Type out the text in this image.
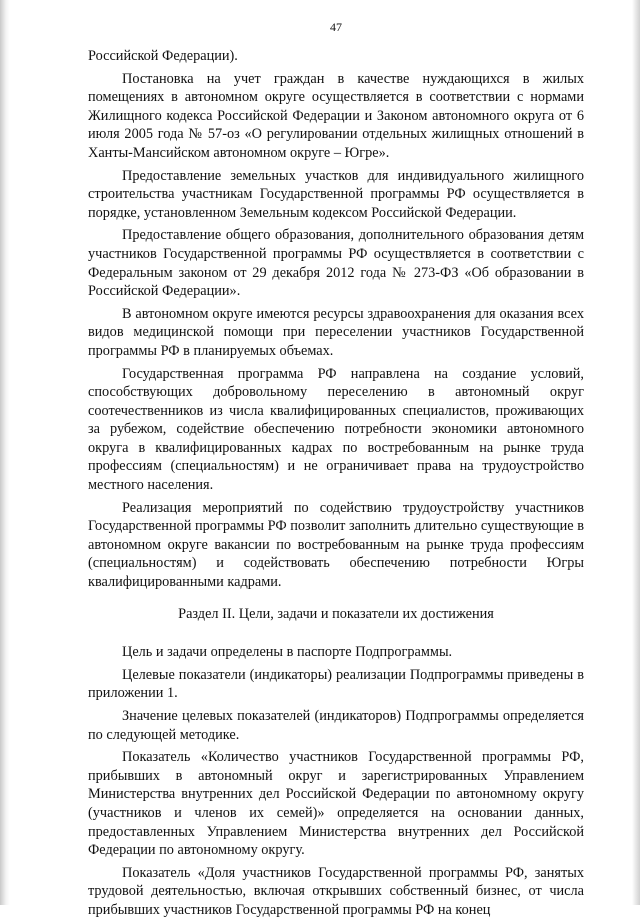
47

Российской Федерации).

Постановка на учет граждан в качестве нуждающихся в жилых помещениях в автономном округе осуществляется в соответствии с нормами Жилищного кодекса Российской Федерации и Законом автономного округа от 6 июля 2005 года № 57-оз «О регулировании отдельных жилищных отношений в Ханты-Мансийском автономном округе – Югре».

Предоставление земельных участков для индивидуального жилищного строительства участникам Государственной программы РФ осуществляется в порядке, установленном Земельным кодексом Российской Федерации.

Предоставление общего образования, дополнительного образования детям участников Государственной программы РФ осуществляется в соответствии с Федеральным законом от 29 декабря 2012 года № 273-ФЗ «Об образовании в Российской Федерации».

В автономном округе имеются ресурсы здравоохранения для оказания всех видов медицинской помощи при переселении участников Государственной программы РФ в планируемых объемах.

Государственная программа РФ направлена на создание условий, способствующих добровольному переселению в автономный округ соотечественников из числа квалифицированных специалистов, проживающих за рубежом, содействие обеспечению потребности экономики автономного округа в квалифицированных кадрах по востребованным на рынке труда профессиям (специальностям) и не ограничивает права на трудоустройство местного населения.

Реализация мероприятий по содействию трудоустройству участников Государственной программы РФ позволит заполнить длительно существующие в автономном округе вакансии по востребованным на рынке труда профессиям (специальностям) и содействовать обеспечению потребности Югры квалифицированными кадрами.

Раздел II. Цели, задачи и показатели их достижения

Цель и задачи определены в паспорте Подпрограммы.

Целевые показатели (индикаторы) реализации Подпрограммы приведены в приложении 1.

Значение целевых показателей (индикаторов) Подпрограммы определяется по следующей методике.

Показатель «Количество участников Государственной программы РФ, прибывших в автономный округ и зарегистрированных Управлением Министерства внутренних дел Российской Федерации по автономному округу (участников и членов их семей)» определяется на основании данных, предоставленных Управлением Министерства внутренних дел Российской Федерации по автономному округу.

Показатель «Доля участников Государственной программы РФ, занятых трудовой деятельностью, включая открывших собственный бизнес, от числа прибывших участников Государственной программы РФ на конец
